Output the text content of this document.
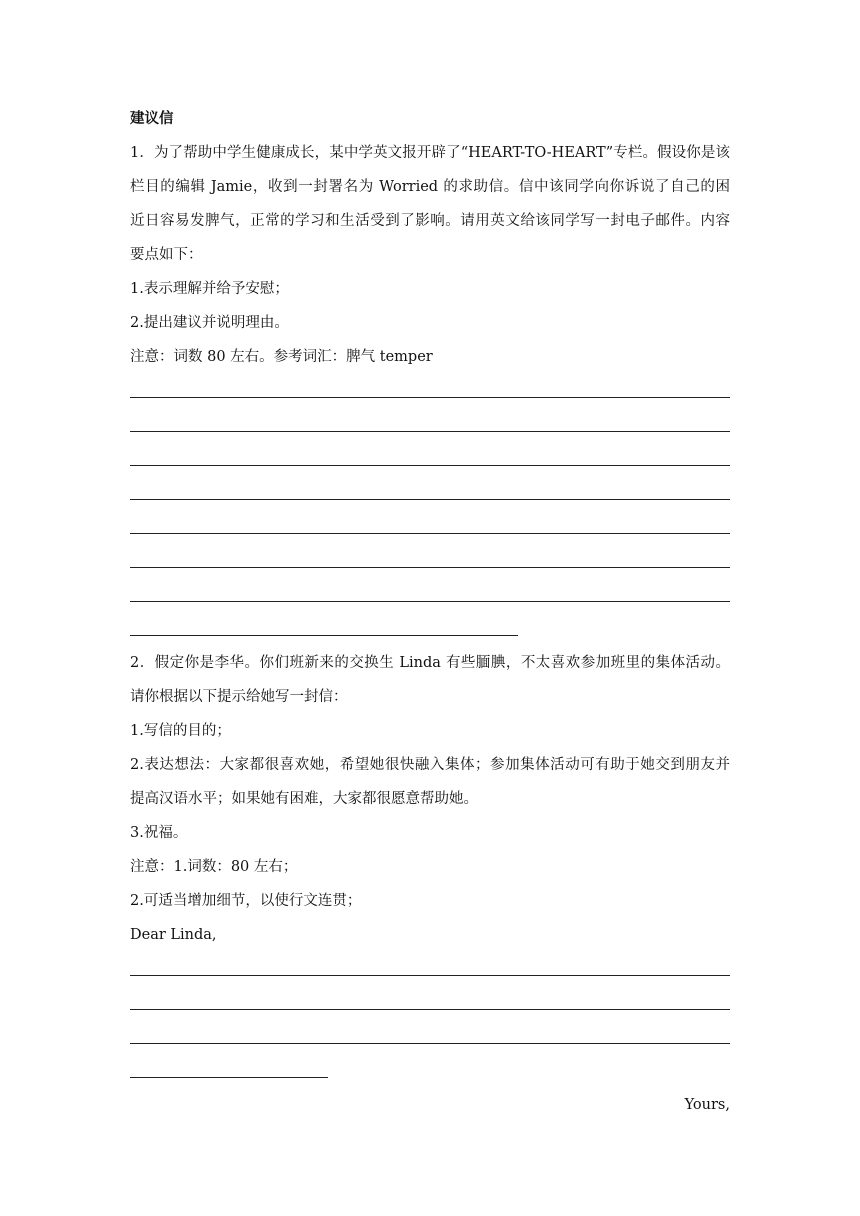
建议信

1．为了帮助中学生健康成长，某中学英文报开辟了“HEART-TO-HEART”专栏。假设你是该

栏目的编辑 Jamie，收到一封署名为 Worried 的求助信。信中该同学向你诉说了自己的困

近日容易发脾气，正常的学习和生活受到了影响。请用英文给该同学写一封电子邮件。内容

要点如下：

1.表示理解并给予安慰；

2.提出建议并说明理由。

注意：词数 80 左右。参考词汇：脾气 temper

2．假定你是李华。你们班新来的交换生 Linda 有些腼腆，不太喜欢参加班里的集体活动。

请你根据以下提示给她写一封信：

1.写信的目的；

2.表达想法：大家都很喜欢她，希望她很快融入集体；参加集体活动可有助于她交到朋友并

提高汉语水平；如果她有困难，大家都很愿意帮助她。

3.祝福。

注意：1.词数：80 左右；

2.可适当增加细节，以使行文连贯；

Dear Linda,

Yours,
